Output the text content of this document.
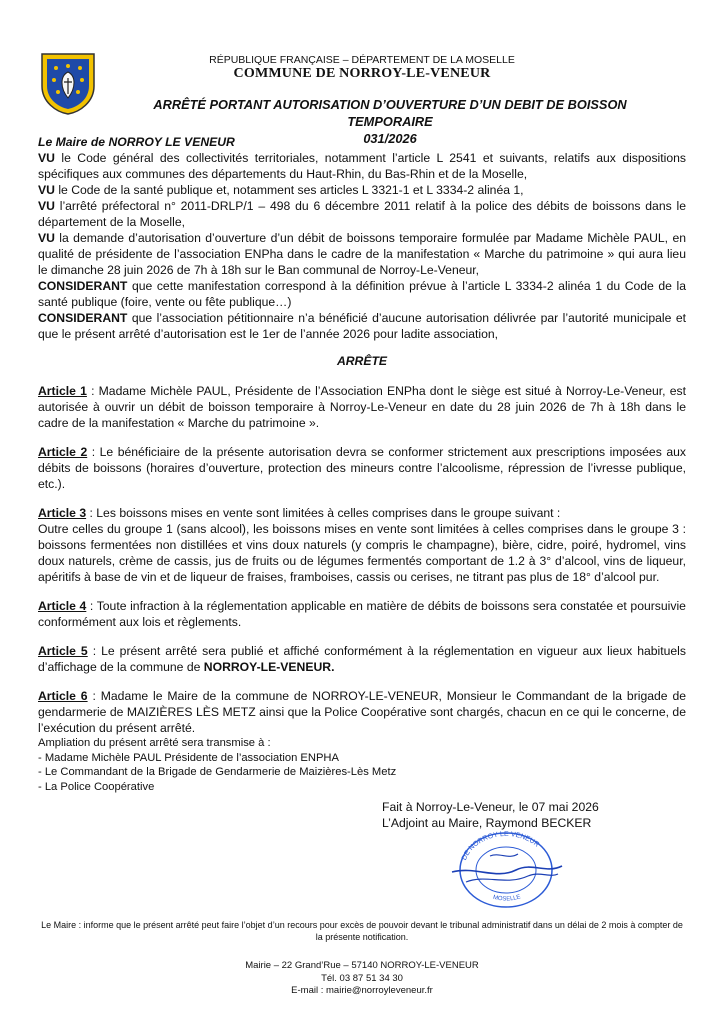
RÉPUBLIQUE FRANÇAISE – DÉPARTEMENT DE LA MOSELLE
COMMUNE DE NORROY-LE-VENEUR
ARRÊTÉ PORTANT AUTORISATION D’OUVERTURE D’UN DEBIT DE BOISSON TEMPORAIRE
031/2026

Le Maire de NORROY LE VENEUR

VU le Code général des collectivités territoriales, notamment l’article L 2541 et suivants, relatifs aux dispositions spécifiques aux communes des départements du Haut-Rhin, du Bas-Rhin et de la Moselle,

VU le Code de la santé publique et, notamment ses articles L 3321-1 et L 3334-2 alinéa 1,

VU l’arrêté préfectoral n° 2011-DRLP/1 – 498 du 6 décembre 2011 relatif à la police des débits de boissons dans le département de la Moselle,

VU la demande d’autorisation d’ouverture d’un débit de boissons temporaire formulée par Madame Michèle PAUL, en qualité de présidente de l’association ENPha dans le cadre de la manifestation « Marche du patrimoine » qui aura lieu le dimanche 28 juin 2026 de 7h à 18h sur le Ban communal de Norroy-Le-Veneur,

CONSIDERANT que cette manifestation correspond à la définition prévue à l’article L 3334-2 alinéa 1 du Code de la santé publique (foire, vente ou fête publique…)

CONSIDERANT que l’association pétitionnaire n’a bénéficié d’aucune autorisation délivrée par l’autorité municipale et que le présent arrêté d’autorisation est le 1er de l’année 2026 pour ladite association,

ARRÊTE

Article 1 : Madame Michèle PAUL, Présidente de l’Association ENPha dont le siège est situé à Norroy-Le-Veneur, est autorisée à ouvrir un débit de boisson temporaire à Norroy-Le-Veneur en date du 28 juin 2026 de 7h à 18h dans le cadre de la manifestation « Marche du patrimoine ».

Article 2 : Le bénéficiaire de la présente autorisation devra se conformer strictement aux prescriptions imposées aux débits de boissons (horaires d’ouverture, protection des mineurs contre l’alcoolisme, répression de l’ivresse publique, etc.).

Article 3 : Les boissons mises en vente sont limitées à celles comprises dans le groupe suivant :

Outre celles du groupe 1 (sans alcool), les boissons mises en vente sont limitées à celles comprises dans le groupe 3 : boissons fermentées non distillées et vins doux naturels (y compris le champagne), bière, cidre, poiré, hydromel, vins doux naturels, crème de cassis, jus de fruits ou de légumes fermentés comportant de 1.2 à 3° d’alcool, vins de liqueur, apéritifs à base de vin et de liqueur de fraises, framboises, cassis ou cerises, ne titrant pas plus de 18° d’alcool pur.

Article 4 : Toute infraction à la réglementation applicable en matière de débits de boissons sera constatée et poursuivie conformément aux lois et règlements.

Article 5 : Le présent arrêté sera publié et affiché conformément à la réglementation en vigueur aux lieux habituels d’affichage de la commune de NORROY-LE-VENEUR.

Article 6 : Madame le Maire de la commune de NORROY-LE-VENEUR, Monsieur le Commandant de la brigade de gendarmerie de MAIZIÈRES LÈS METZ ainsi que la Police Coopérative sont chargés, chacun en ce qui le concerne, de l’exécution du présent arrêté.

Ampliation du présent arrêté sera transmise à :
- Madame Michèle PAUL Présidente de l’association ENPHA
- Le Commandant de la Brigade de Gendarmerie de Maizières-Lès Metz
- La Police Coopérative
Fait à Norroy-Le-Veneur, le 07 mai 2026
L’Adjoint au Maire, Raymond BECKER
DE NORROY LE VENEUR
MOSELLE
Le Maire : informe que le présent arrêté peut faire l’objet d’un recours pour excès de pouvoir devant le tribunal administratif dans un délai de 2 mois à compter de la présente notification.
Mairie – 22 Grand’Rue – 57140 NORROY-LE-VENEUR
Tél. 03 87 51 34 30
E-mail : mairie@norroyleveneur.fr
